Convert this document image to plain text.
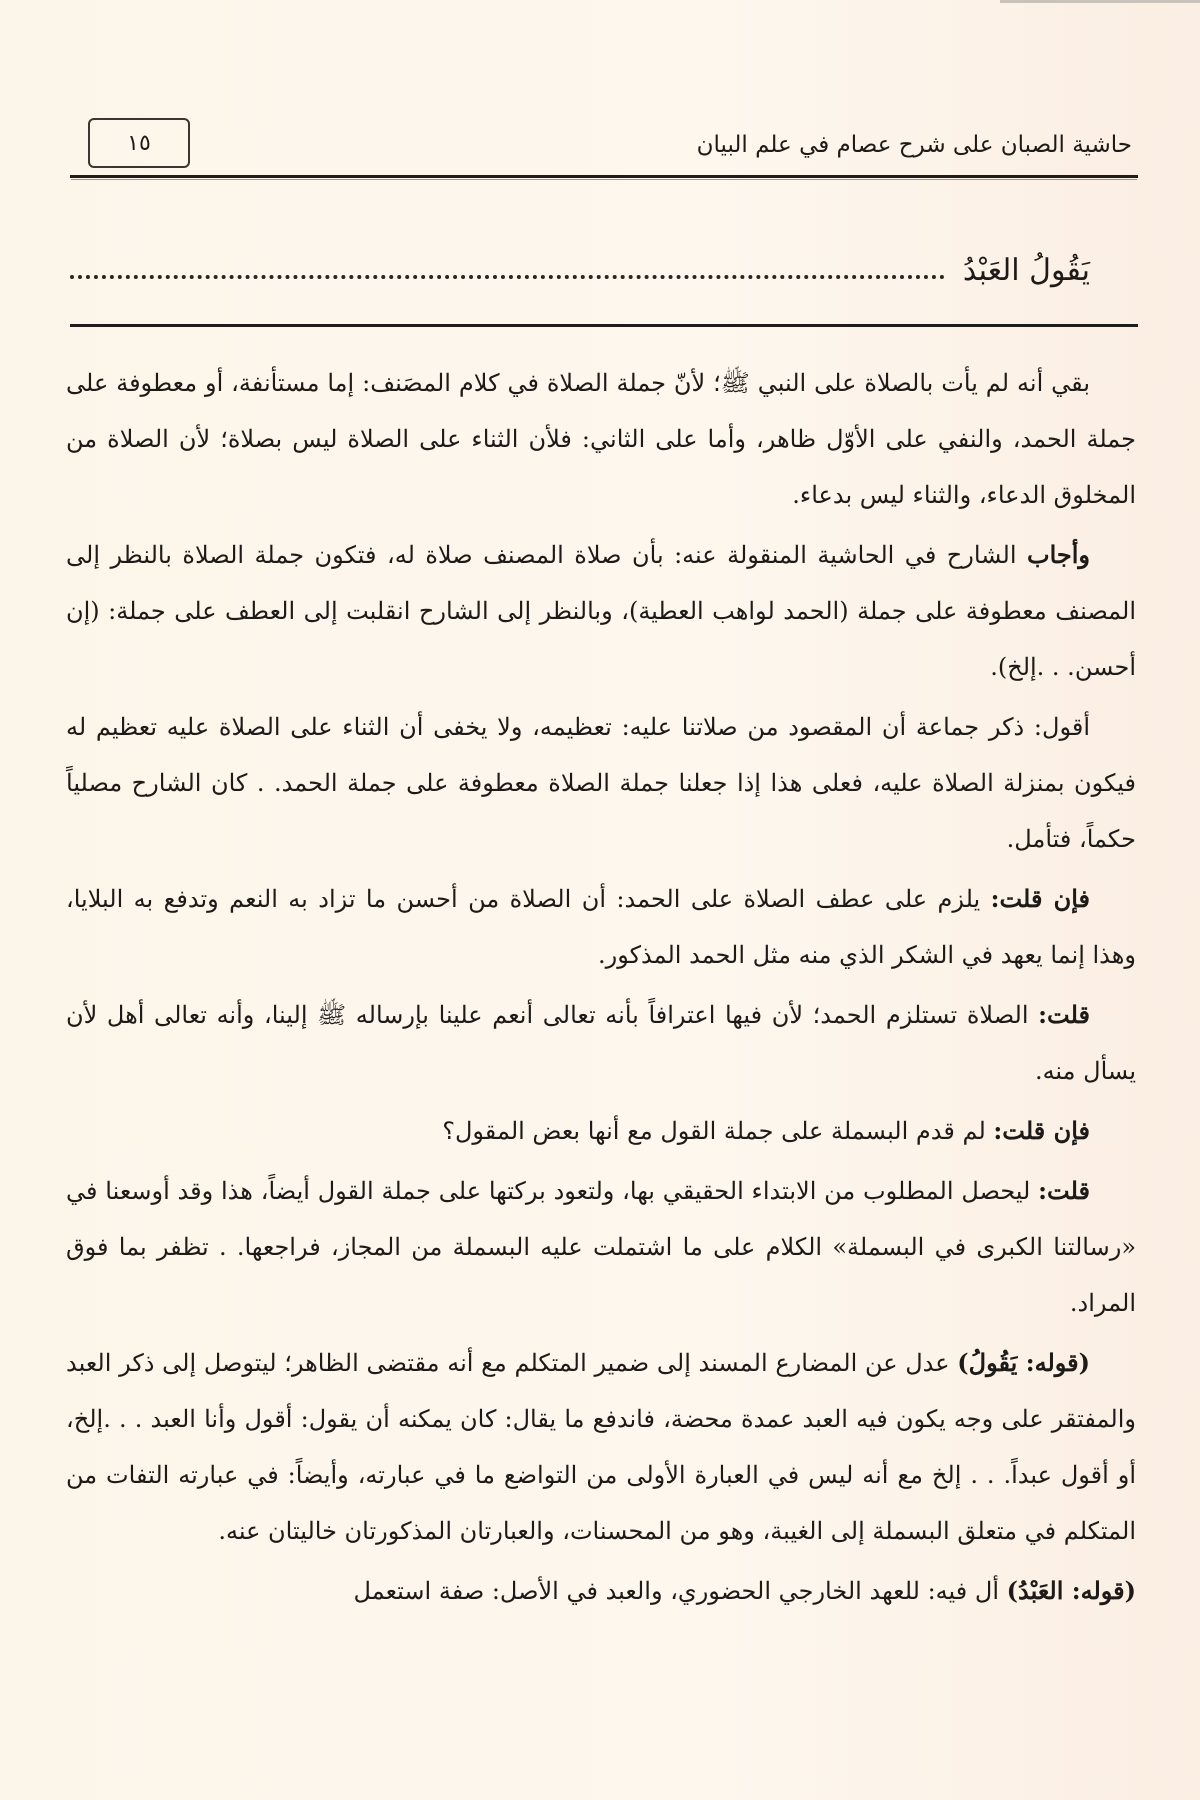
١٥	حاشية الصبان على شرح عصام في علم البيان
يَقُولُ العَبْدُ

بقي أنه لم يأت بالصلاة على النبي ﷺ؛ لأنّ جملة الصلاة في كلام المصَنف: إما مستأنفة، أو معطوفة على جملة الحمد، والنفي على الأوّل ظاهر، وأما على الثاني: فلأن الثناء على الصلاة ليس بصلاة؛ لأن الصلاة من المخلوق الدعاء، والثناء ليس بدعاء.

وأجاب الشارح في الحاشية المنقولة عنه: بأن صلاة المصنف صلاة له، فتكون جملة الصلاة بالنظر إلى المصنف معطوفة على جملة (الحمد لواهب العطية)، وبالنظر إلى الشارح انقلبت إلى العطف على جملة: (إن أحسن. . .إلخ).

أقول: ذكر جماعة أن المقصود من صلاتنا عليه: تعظيمه، ولا يخفى أن الثناء على الصلاة عليه تعظيم له فيكون بمنزلة الصلاة عليه، فعلى هذا إذا جعلنا جملة الصلاة معطوفة على جملة الحمد. . كان الشارح مصلياً حكماً، فتأمل.

فإن قلت: يلزم على عطف الصلاة على الحمد: أن الصلاة من أحسن ما تزاد به النعم وتدفع به البلايا، وهذا إنما يعهد في الشكر الذي منه مثل الحمد المذكور.

قلت: الصلاة تستلزم الحمد؛ لأن فيها اعترافاً بأنه تعالى أنعم علينا بإرساله ﷺ إلينا، وأنه تعالى أهل لأن يسأل منه.

فإن قلت: لم قدم البسملة على جملة القول مع أنها بعض المقول؟

قلت: ليحصل المطلوب من الابتداء الحقيقي بها، ولتعود بركتها على جملة القول أيضاً، هذا وقد أوسعنا في «رسالتنا الكبرى في البسملة» الكلام على ما اشتملت عليه البسملة من المجاز، فراجعها. . تظفر بما فوق المراد.

(قوله: يَقُولُ) عدل عن المضارع المسند إلى ضمير المتكلم مع أنه مقتضى الظاهر؛ ليتوصل إلى ذكر العبد والمفتقر على وجه يكون فيه العبد عمدة محضة، فاندفع ما يقال: كان يمكنه أن يقول: أقول وأنا العبد . . .إلخ، أو أقول عبداً. . . إلخ مع أنه ليس في العبارة الأولى من التواضع ما في عبارته، وأيضاً: في عبارته التفات من المتكلم في متعلق البسملة إلى الغيبة، وهو من المحسنات، والعبارتان المذكورتان خاليتان عنه.

(قوله: العَبْدُ) أل فيه: للعهد الخارجي الحضوري، والعبد في الأصل: صفة استعمل
